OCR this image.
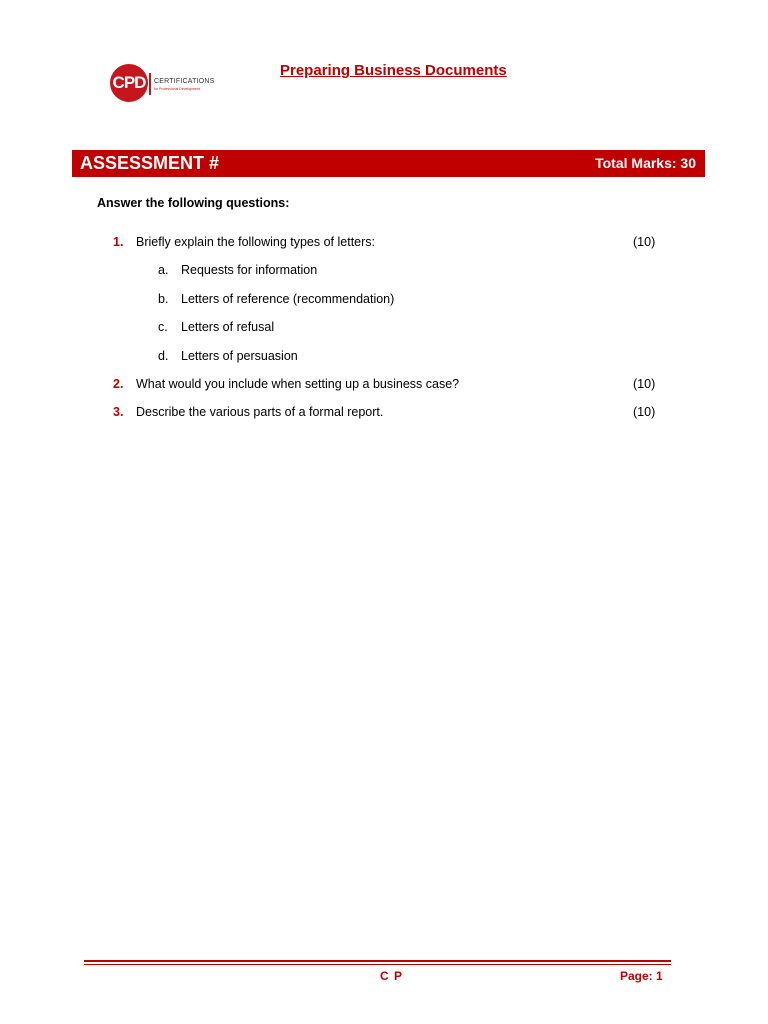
CPD	CERTIFICATIONS
for Professional Development
Preparing Business Documents
ASSESSMENT #	Total Marks: 30
Answer the following questions:
1. Briefly explain the following types of letters:	(10)
a. Requests for information
b. Letters of reference (recommendation)
c. Letters of refusal
d. Letters of persuasion
2. What would you include when setting up a business case?	(10)
3. Describe the various parts of a formal report.	(10)
C P	Page: 1
